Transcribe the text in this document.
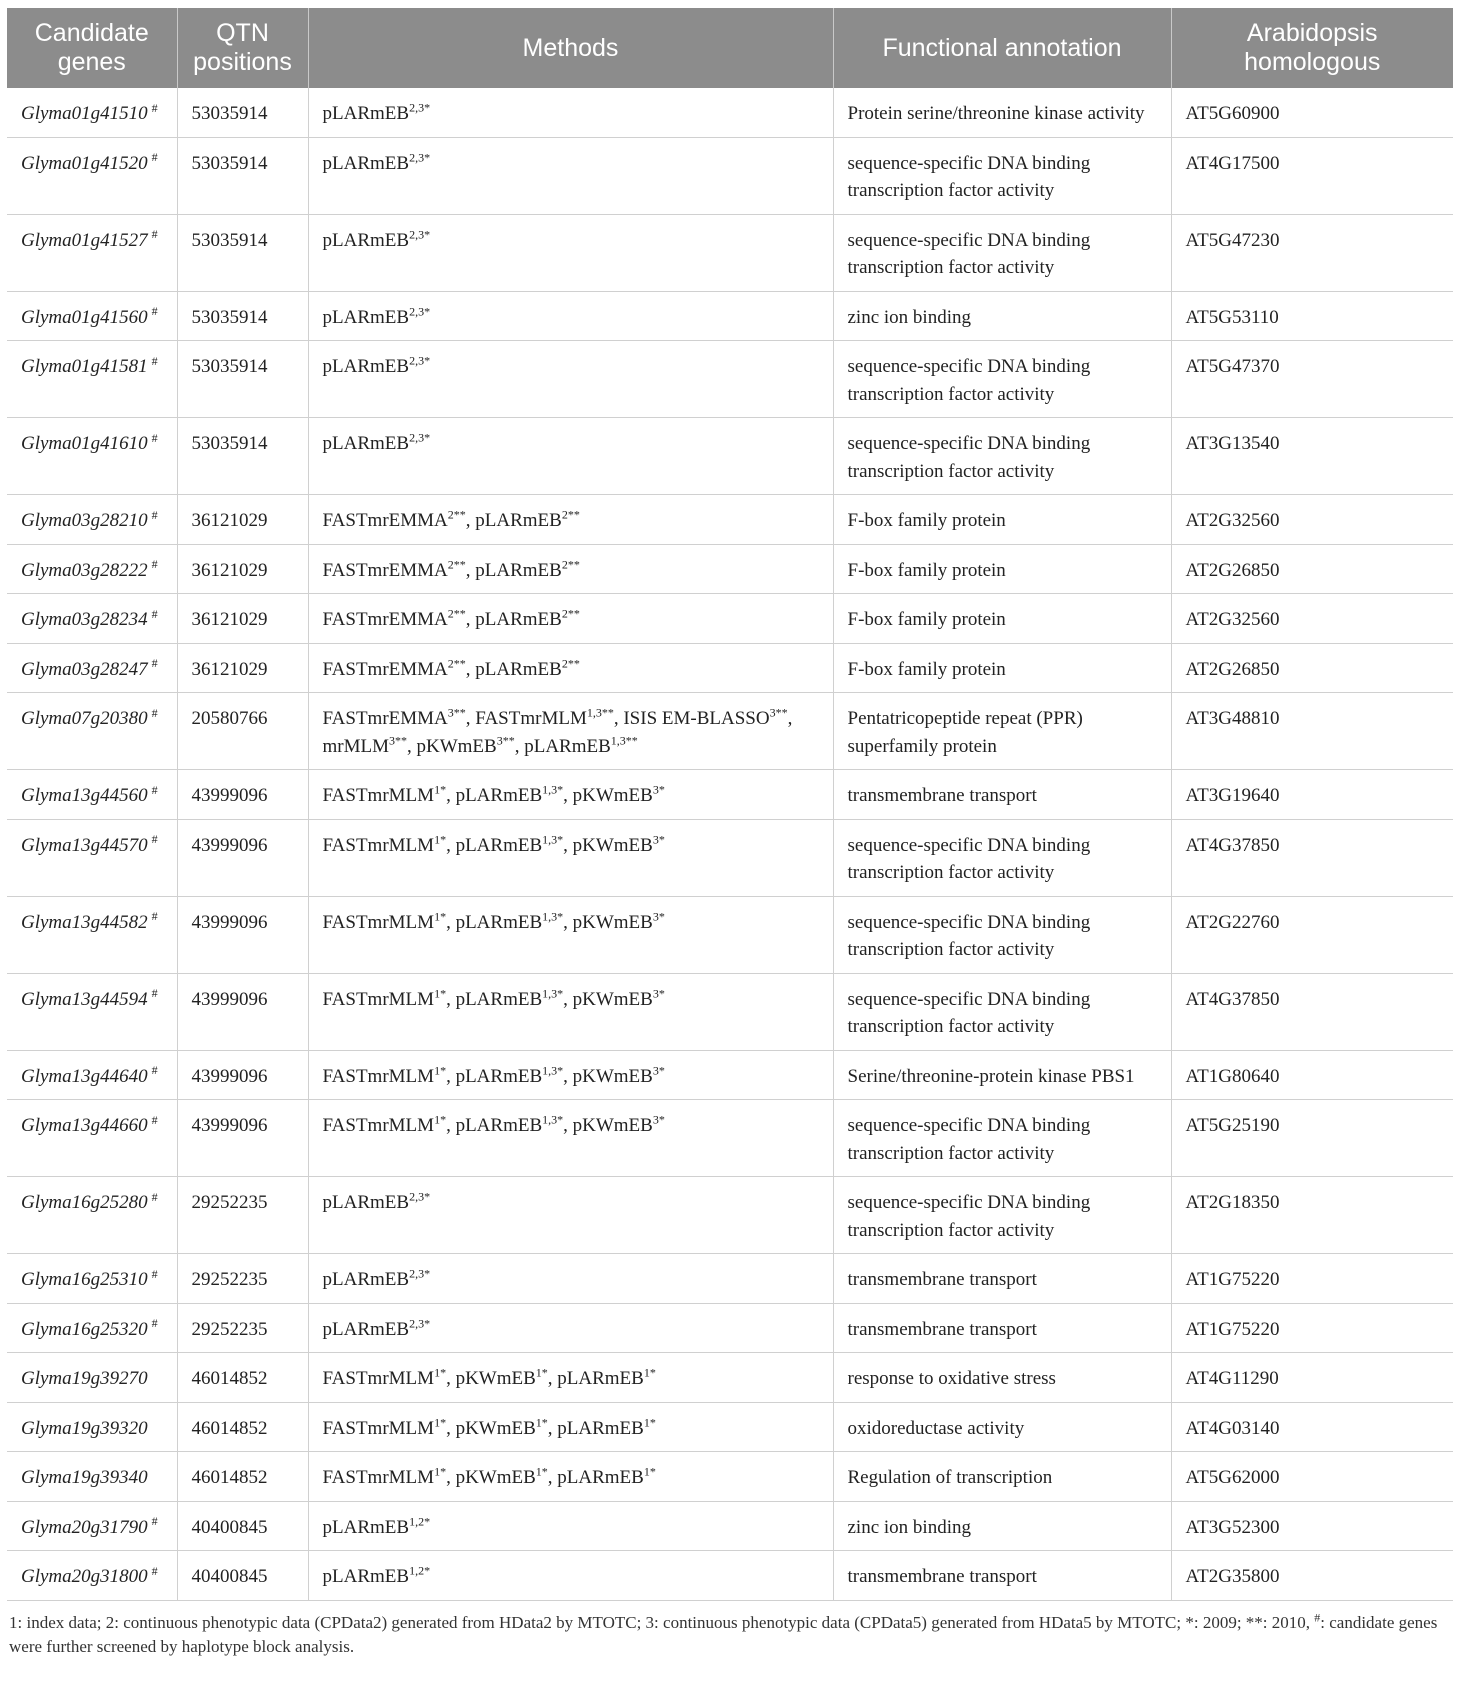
Candidate genes	QTN positions	Methods	Functional annotation	Arabidopsis homologous
Glyma01g41510 #	53035914	pLARmEB$^{2,3*}$	Protein serine/threonine kinase activity	AT5G60900
Glyma01g41520 #	53035914	pLARmEB$^{2,3*}$	sequence-specific DNA binding transcription factor activity	AT4G17500
Glyma01g41527 #	53035914	pLARmEB$^{2,3*}$	sequence-specific DNA binding transcription factor activity	AT5G47230
Glyma01g41560 #	53035914	pLARmEB$^{2,3*}$	zinc ion binding	AT5G53110
Glyma01g41581 #	53035914	pLARmEB$^{2,3*}$	sequence-specific DNA binding transcription factor activity	AT5G47370
Glyma01g41610 #	53035914	pLARmEB$^{2,3*}$	sequence-specific DNA binding transcription factor activity	AT3G13540
Glyma03g28210 #	36121029	FASTmrEMMA$^{2**}$, pLARmEB$^{2**}$	F-box family protein	AT2G32560
Glyma03g28222 #	36121029	FASTmrEMMA$^{2**}$, pLARmEB$^{2**}$	F-box family protein	AT2G26850
Glyma03g28234 #	36121029	FASTmrEMMA$^{2**}$, pLARmEB$^{2**}$	F-box family protein	AT2G32560
Glyma03g28247 #	36121029	FASTmrEMMA$^{2**}$, pLARmEB$^{2**}$	F-box family protein	AT2G26850
Glyma07g20380 #	20580766	FASTmrEMMA$^{3**}$, FASTmrMLM$^{1,3**}$, ISIS $EM-BLASSO^{3**}$, mrMLM$^{3**}$, pKWmEB$^{3**}$, pLARmEB$^{1,3**}$	Pentatricopeptide repeat (PPR) superfamily protein	AT3G48810
Glyma13g44560 #	43999096	FASTmrMLM$^{1*}$, pLARmEB$^{1,3*}$, pKWmEB$^{3*}$	transmembrane transport	AT3G19640
Glyma13g44570 #	43999096	FASTmrMLM$^{1*}$, pLARmEB$^{1,3*}$, pKWmEB$^{3*}$	sequence-specific DNA binding transcription factor activity	AT4G37850
Glyma13g44582 #	43999096	FASTmrMLM$^{1*}$, pLARmEB$^{1,3*}$, pKWmEB$^{3*}$	sequence-specific DNA binding transcription factor activity	AT2G22760
Glyma13g44594 #	43999096	FASTmrMLM$^{1*}$, pLARmEB$^{1,3*}$, pKWmEB$^{3*}$	sequence-specific DNA binding transcription factor activity	AT4G37850
Glyma13g44640 #	43999096	FASTmrMLM$^{1*}$, pLARmEB$^{1,3*}$, pKWmEB$^{3*}$	Serine/threonine-protein kinase PBS1	AT1G80640
Glyma13g44660 #	43999096	FASTmrMLM$^{1*}$, pLARmEB$^{1,3*}$, pKWmEB$^{3*}$	sequence-specific DNA binding transcription factor activity	AT5G25190
Glyma16g25280 #	29252235	pLARmEB$^{2,3*}$	sequence-specific DNA binding transcription factor activity	AT2G18350
Glyma16g25310 #	29252235	pLARmEB$^{2,3*}$	transmembrane transport	AT1G75220
Glyma16g25320 #	29252235	pLARmEB$^{2,3*}$	transmembrane transport	AT1G75220
Glyma19g39270	46014852	FASTmrMLM$^{1*}$, pKWmEB$^{1*}$, pLARmEB$^{1*}$	response to oxidative stress	AT4G11290
Glyma19g39320	46014852	FASTmrMLM$^{1*}$, pKWmEB$^{1*}$, pLARmEB$^{1*}$	oxidoreductase activity	AT4G03140
Glyma19g39340	46014852	FASTmrMLM$^{1*}$, pKWmEB$^{1*}$, pLARmEB$^{1*}$	Regulation of transcription	AT5G62000
Glyma20g31790 #	40400845	pLARmEB$^{1,2*}$	zinc ion binding	AT3G52300
Glyma20g31800 #	40400845	pLARmEB$^{1,2*}$	transmembrane transport	AT2G35800
1: index data; 2: continuous phenotypic data (CPData2) generated from HData2 by MTOTC; 3: continuous phenotypic data (CPData5) generated from HData5 by MTOTC; *: 2009; **: 2010, #: candidate genes were further screened by haplotype block analysis.
